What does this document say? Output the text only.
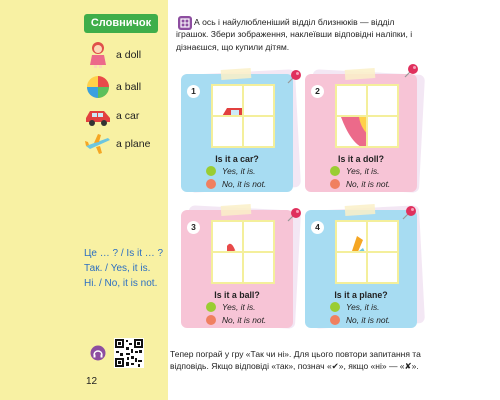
Словничок
a doll
a ball
a car
a plane
Це … ? / Is it … ?
Так. / Yes, it is.
Ні. / No, it is not.
12
А ось і найулюбленіший відділ близнюків — відділ іграшок. Збери зображення, наклеївши відповідні наліпки, і дізнаєшся, що купили дітям.
1
Is it a car?
Yes, it is.
No, it is not.
2
Is it a doll?
Yes, it is.
No, it is not.
3
Is it a ball?
Yes, it is.
No, it is not.
4
Is it a plane?
Yes, it is.
No, it is not.
Тепер пограй у гру «Так чи ні». Для цього повтори запитання та відповідь. Якщо відповіді «так», познач «✔», якщо «ні» — «✘».
